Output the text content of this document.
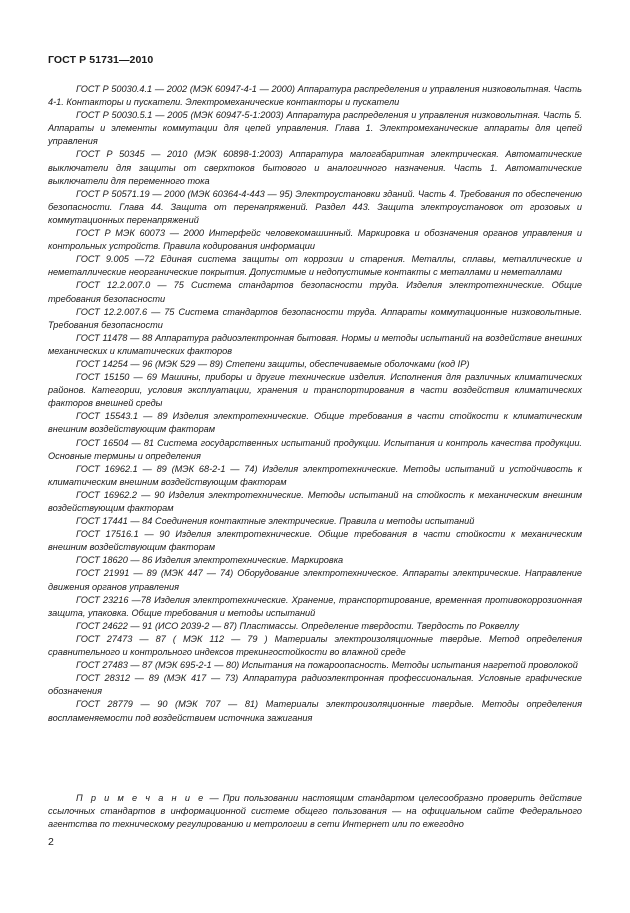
ГОСТ Р 51731—2010

ГОСТ Р 50030.4.1 — 2002 (МЭК 60947-4-1 — 2000) Аппаратура распределения и управления низковольтная. Часть 4-1. Контакторы и пускатели. Электромеханические контакторы и пускатели

ГОСТ Р 50030.5.1 — 2005 (МЭК 60947-5-1:2003) Аппаратура распределения и управления низковольтная. Часть 5. Аппараты и элементы коммутации для цепей управления. Глава 1. Электромеханические аппараты для цепей управления

ГОСТ Р 50345 — 2010 (МЭК 60898-1:2003) Аппаратура малогабаритная электрическая. Автоматические выключатели для защиты от сверхтоков бытового и аналогичного назначения. Часть 1. Автоматические выключатели для переменного тока

ГОСТ Р 50571.19 — 2000 (МЭК 60364-4-443 — 95) Электроустановки зданий. Часть 4. Требования по обеспечению безопасности. Глава 44. Защита от перенапряжений. Раздел 443. Защита электроустановок от грозовых и коммутационных перенапряжений

ГОСТ Р МЭК 60073 — 2000 Интерфейс человекомашинный. Маркировка и обозначения органов управления и контрольных устройств. Правила кодирования информации

ГОСТ 9.005 —72 Единая система защиты от коррозии и старения. Металлы, сплавы, металлические и неметаллические неорганические покрытия. Допустимые и недопустимые контакты с металлами и неметаллами

ГОСТ 12.2.007.0 — 75 Система стандартов безопасности труда. Изделия электротехнические. Общие требования безопасности

ГОСТ 12.2.007.6 — 75 Система стандартов безопасности труда. Аппараты коммутационные низковольтные. Требования безопасности

ГОСТ 11478 — 88 Аппаратура радиоэлектронная бытовая. Нормы и методы испытаний на воздействие внешних механических и климатических факторов

ГОСТ 14254 — 96 (МЭК 529 — 89) Степени защиты, обеспечиваемые оболочками (код IP)

ГОСТ 15150 — 69 Машины, приборы и другие технические изделия. Исполнения для различных климатических районов. Категории, условия эксплуатации, хранения и транспортирования в части воздействия климатических факторов внешней среды

ГОСТ 15543.1 — 89 Изделия электротехнические. Общие требования в части стойкости к климатическим внешним воздействующим факторам

ГОСТ 16504 — 81 Система государственных испытаний продукции. Испытания и контроль качества продукции. Основные термины и определения

ГОСТ 16962.1 — 89 (МЭК 68-2-1 — 74) Изделия электротехнические. Методы испытаний и устойчивость к климатическим внешним воздействующим факторам

ГОСТ 16962.2 — 90 Изделия электротехнические. Методы испытаний на стойкость к механическим внешним воздействующим факторам

ГОСТ 17441 — 84 Соединения контактные электрические. Правила и методы испытаний

ГОСТ 17516.1 — 90 Изделия электротехнические. Общие требования в части стойкости к механическим внешним воздействующим факторам

ГОСТ 18620 — 86 Изделия электротехнические. Маркировка

ГОСТ 21991 — 89 (МЭК 447 — 74) Оборудование электротехническое. Аппараты электрические. Направление движения органов управления

ГОСТ 23216 —78 Изделия электротехнические. Хранение, транспортирование, временная противокоррозионная защита, упаковка. Общие требования и методы испытаний

ГОСТ 24622 — 91 (ИСО 2039-2 — 87) Пластмассы. Определение твердости. Твердость по Роквеллу

ГОСТ 27473 — 87 ( МЭК 112 — 79 ) Материалы электроизоляционные твердые. Метод определения сравнительного и контрольного индексов трекингостойкости во влажной среде

ГОСТ 27483 — 87 (МЭК 695-2-1 — 80) Испытания на пожароопасность. Методы испытания нагретой проволокой

ГОСТ 28312 — 89 (МЭК 417 — 73) Аппаратура радиоэлектронная профессиональная. Условные графические обозначения

ГОСТ 28779 — 90 (МЭК 707 — 81) Материалы электроизоляционные твердые. Методы определения воспламеняемости под воздействием источника зажигания

П р и м е ч а н и е — При пользовании настоящим стандартом целесообразно проверить действие ссылочных стандартов в информационной системе общего пользования — на официальном сайте Федерального агентства по техническому регулированию и метрологии в сети Интернет или по ежегодно

2
